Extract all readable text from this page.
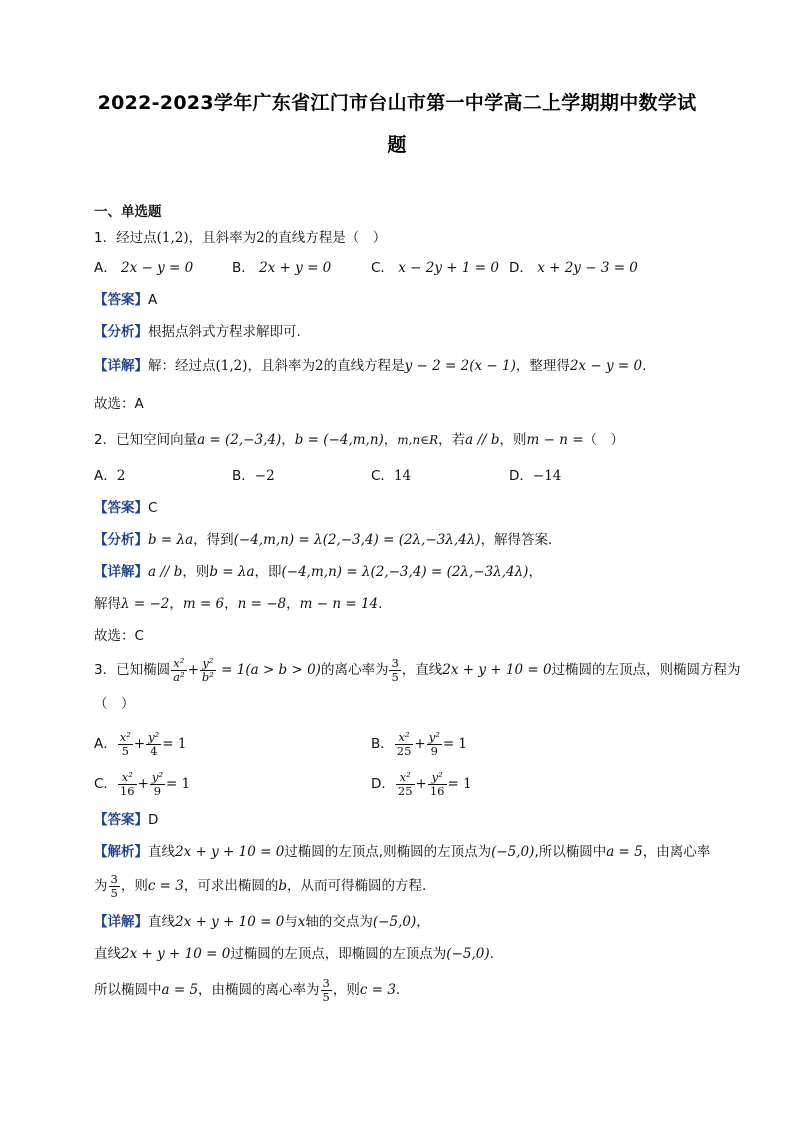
2022-2023学年广东省江门市台山市第一中学高二上学期期中数学试
题
一、单选题
1．经过点(1,2)，且斜率为2的直线方程是（　）
A． 2x − y = 0	B． 2x + y = 0	C． x − 2y + 1 = 0 D． x + 2y − 3 = 0
【答案】A
【分析】根据点斜式方程求解即可.
【详解】解：经过点(1,2)，且斜率为2的直线方程是y − 2 = 2(x − 1)，整理得2x − y = 0.
故选：A
2．已知空间向量a = (2,−3,4)，b = (−4,m,n)，m,n∈R，若a // b，则m − n =（　）
A．2	B．−2	C．14	D．−14
【答案】C
【分析】b = λa，得到(−4,m,n) = λ(2,−3,4) = (2λ,−3λ,4λ)，解得答案.
【详解】a // b，则b = λa，即(−4,m,n) = λ(2,−3,4) = (2λ,−3λ,4λ)，
解得λ = −2，m = 6，n = −8，m − n = 14.
故选：C
3．已知椭圆 $\frac{\text{x²}}{\text{a²}} + \frac{\text{y²}}{\text{b²}} = 1(a > b > 0)$的离心率为 $\frac{3}{5}$ ，直线2x + y + 10 = 0过椭圆的左顶点，则椭圆方程为
（　）
A． $\frac{\text{x²}}{5} + \frac{\text{y²}}{4} = 1$	B． $\frac{\text{x²}}{25} + \frac{\text{y²}}{9} = 1$
C． $\frac{\text{x²}}{16} + \frac{\text{y²}}{9} = 1$	D． $\frac{\text{x²}}{25} + \frac{\text{y²}}{16} = 1$
【答案】D
【解析】直线2x + y + 10 = 0过椭圆的左顶点,则椭圆的左顶点为(−5,0),所以椭圆中a = 5，由离心率
为 $\frac{3}{5}$ ，则c = 3，可求出椭圆的b，从而可得椭圆的方程.
【详解】直线2x + y + 10 = 0与x轴的交点为(−5,0)，
直线2x + y + 10 = 0过椭圆的左顶点，即椭圆的左顶点为(−5,0).
所以椭圆中a = 5，由椭圆的离心率为 $\frac{3}{5}$ ，则c = 3.
